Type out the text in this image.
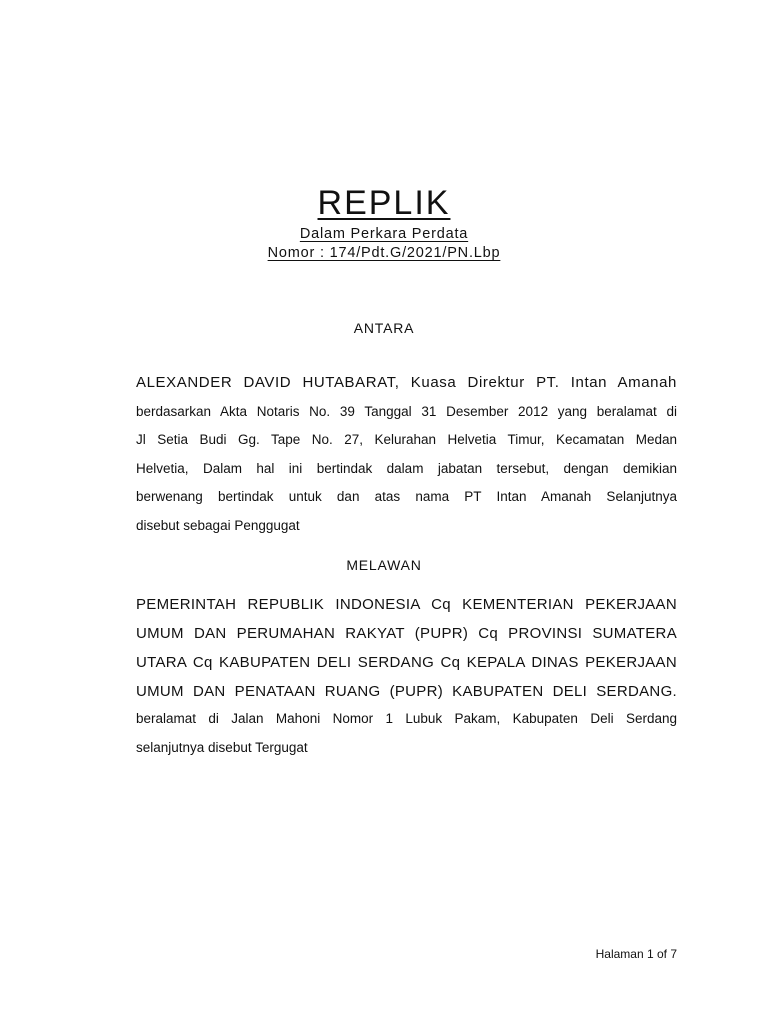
REPLIK
Dalam Perkara Perdata
Nomor : 174/Pdt.G/2021/PN.Lbp
ANTARA
ALEXANDER DAVID HUTABARAT, Kuasa Direktur PT. Intan Amanah
berdasarkan Akta Notaris No. 39 Tanggal 31 Desember 2012 yang beralamat di
Jl Setia Budi Gg. Tape No. 27, Kelurahan Helvetia Timur, Kecamatan Medan
Helvetia, Dalam hal ini bertindak dalam jabatan tersebut, dengan demikian
berwenang bertindak untuk dan atas nama PT Intan Amanah Selanjutnya
disebut sebagai Penggugat
MELAWAN
PEMERINTAH REPUBLIK INDONESIA Cq KEMENTERIAN PEKERJAAN
UMUM DAN PERUMAHAN RAKYAT (PUPR) Cq PROVINSI SUMATERA
UTARA Cq KABUPATEN DELI SERDANG Cq KEPALA DINAS PEKERJAAN
UMUM DAN PENATAAN RUANG (PUPR) KABUPATEN DELI SERDANG.
beralamat di Jalan Mahoni Nomor 1 Lubuk Pakam, Kabupaten Deli Serdang
selanjutnya disebut Tergugat
Halaman 1 of 7
